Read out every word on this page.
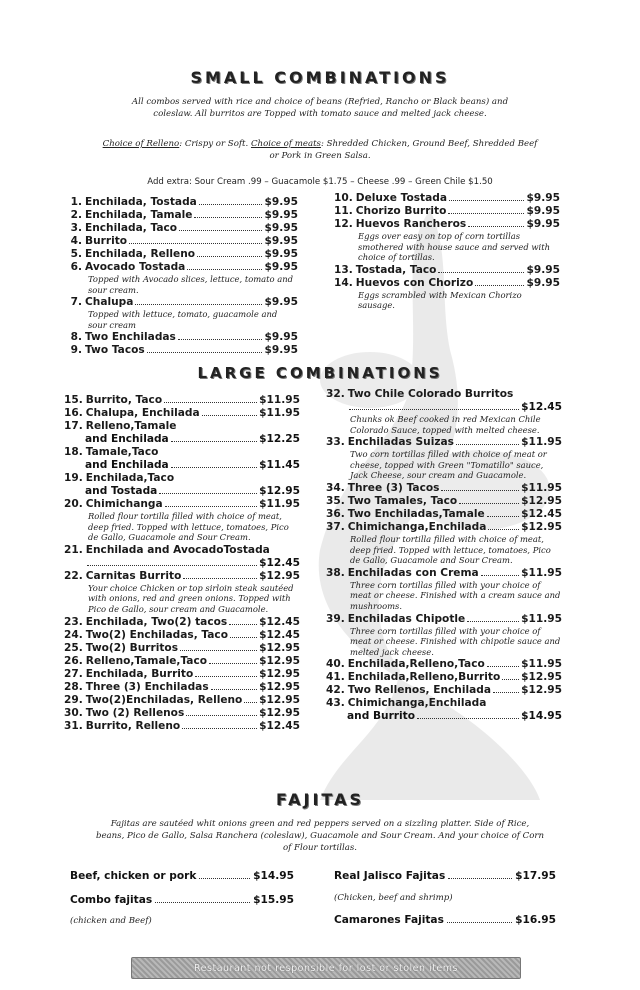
SMALL COMBINATIONS
All combos served with rice and choice of beans (Refried, Rancho or Black beans) and
coleslaw. All burritos are Topped with tomato sauce and melted jack cheese.
Choice of Relleno: Crispy or Soft. Choice of meats: Shredded Chicken, Ground Beef, Shredded Beef
or Pork in Green Salsa.
Add extra: Sour Cream .99 – Guacamole $1.75 – Cheese .99 – Green Chile $1.50
1. Enchilada, Tostada	$9.95
2. Enchilada, Tamale	$9.95
3. Enchilada, Taco	$9.95
4. Burrito	$9.95
5. Enchilada, Relleno	$9.95
6. Avocado Tostada	$9.95
Topped with Avocado slices, lettuce, tomato and sour cream.
7. Chalupa	$9.95
Topped with lettuce, tomato, guacamole and sour cream
8. Two Enchiladas	$9.95
9. Two Tacos	$9.95
10. Deluxe Tostada	$9.95
11. Chorizo Burrito	$9.95
12. Huevos Rancheros	$9.95
Eggs over easy on top of corn tortillas smothered with house sauce and served with choice of tortillas.
13. Tostada, Taco	$9.95
14. Huevos con Chorizo	$9.95
Eggs scrambled with Mexican Chorizo sausage.
LARGE COMBINATIONS
15. Burrito, Taco	$11.95
16. Chalupa, Enchilada	$11.95
17. Relleno,Tamale
and Enchilada	$12.25
18. Tamale,Taco
and Enchilada	$11.45
19. Enchilada,Taco
and Tostada	$12.95
20. Chimichanga	$11.95
Rolled flour tortilla filled with choice of meat, deep fried. Topped with lettuce, tomatoes, Pico de Gallo, Guacamole and Sour Cream.
21. Enchilada and AvocadoTostada
$12.45
22. Carnitas Burrito	$12.95
Your choice Chicken or top sirloin steak sautéed with onions, red and green onions. Topped with Pico de Gallo, sour cream and Guacamole.
23. Enchilada, Two(2) tacos	$12.45
24. Two(2) Enchiladas, Taco	$12.45
25. Two(2) Burritos	$12.95
26. Relleno,Tamale,Taco	$12.95
27. Enchilada, Burrito	$12.95
28. Three (3) Enchiladas	$12.95
29. Two(2)Enchiladas, Relleno $12.95
30. Two (2) Rellenos	$12.95
31. Burrito, Relleno	$12.45
32. Two Chile Colorado Burritos
$12.45
Chunks ok Beef cooked in red Mexican Chile Colorado Sauce, topped with melted cheese.
33. Enchiladas Suizas	$11.95
Two corn tortillas filled with choice of meat or cheese, topped with Green "Tomatillo" sauce, Jack Cheese, sour cream and Guacamole.
34. Three (3) Tacos	$11.95
35. Two Tamales, Taco	$12.95
36. Two Enchiladas,Tamale	$12.45
37. Chimichanga,Enchilada	$12.95
Rolled flour tortilla filled with choice of meat, deep fried. Topped with lettuce, tomatoes, Pico de Gallo, Guacamole and Sour Cream.
38. Enchiladas con Crema	$11.95
Three corn tortillas filled with your choice of meat or cheese. Finished with a cream sauce and mushrooms.
39. Enchiladas Chipotle	$11.95
Three corn tortillas filled with your choice of meat or cheese. Finished with chipotle sauce and melted jack cheese.
40. Enchilada,Relleno,Taco	$11.95
41. Enchilada,Relleno,Burrito $12.95
42. Two Rellenos, Enchilada	$12.95
43. Chimichanga,Enchilada
and Burrito	$14.95
FAJITAS
Fajitas are sautéed whit onions green and red peppers served on a sizzling platter. Side of Rice,
beans, Pico de Gallo, Salsa Ranchera (coleslaw), Guacamole and Sour Cream. And your choice of Corn
of Flour tortillas.
Beef, chicken or pork	$14.95
Combo fajitas	$15.95
(chicken and Beef)
Real Jalisco Fajitas	$17.95
(Chicken, beef and shrimp)
Camarones Fajitas	$16.95
Restaurant not responsible for lost or stolen items
